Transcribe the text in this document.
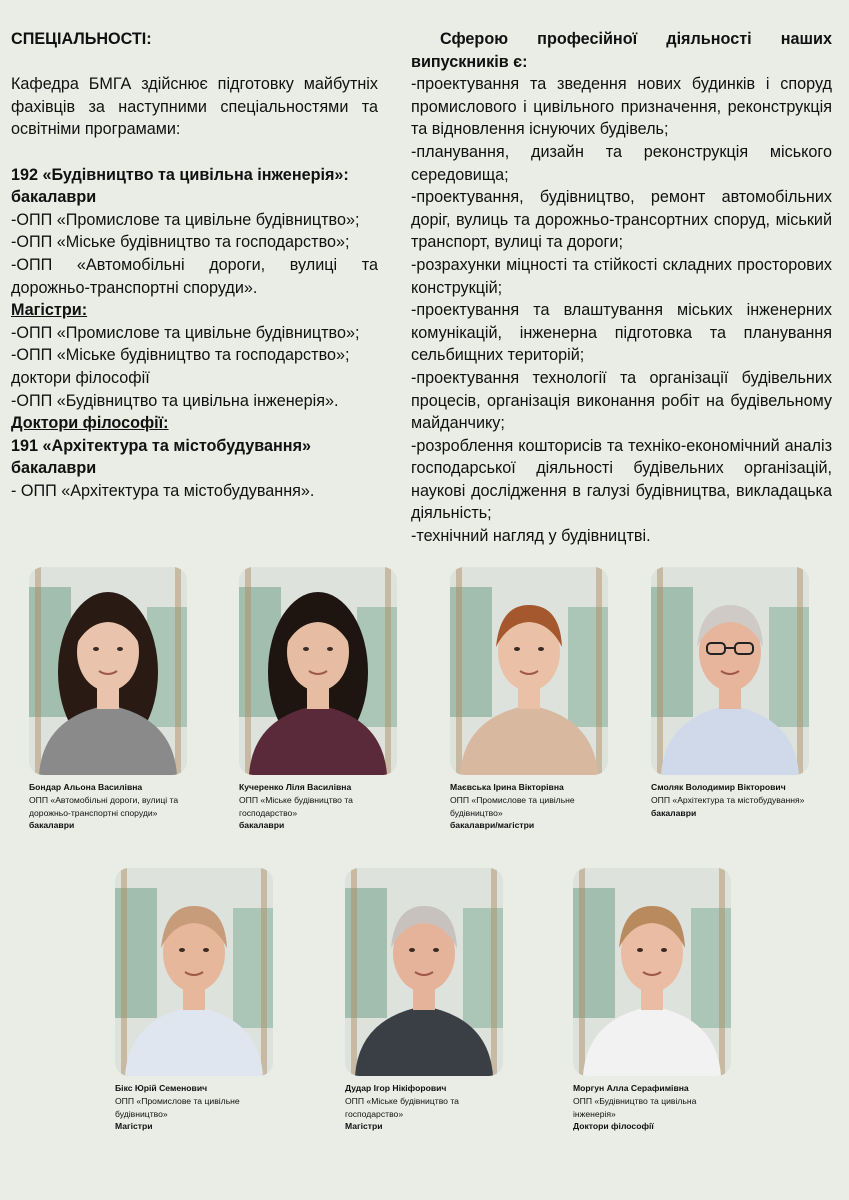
СПЕЦІАЛЬНОСТІ:

Кафедра БМГА здійснює підготовку майбутніх фахівців за наступними спеціальностями та освітніми програмами:

192 «Будівництво та цивільна інженерія»:

бакалаври

-ОПП «Промислове та цивільне будівництво»;

-ОПП «Міське будівництво та господарство»;

-ОПП «Автомобільні дороги, вулиці та дорожньо-транспортні споруди».

Магістри:

-ОПП «Промислове та цивільне будівництво»;

-ОПП «Міське будівництво та господарство»;

доктори філософії

-ОПП «Будівництво та цивільна інженерія».

Доктори філософії:

191 «Архітектура та містобудування»

бакалаври

- ОПП «Архітектура та містобудування».

Сферою професійної діяльності наших випускників є:

-проектування та зведення нових будинків і споруд промислового і цивільного призначення, реконструкція та відновлення існуючих будівель;

-планування, дизайн та реконструкція міського середовища;

-проектування, будівництво, ремонт автомобільних доріг, вулиць та дорожньо-трансортних споруд, міський транспорт, вулиці та дороги;

-розрахунки міцності та стійкості складних просторових конструкцій;

-проектування та влаштування міських інженерних комунікацій, інженерна підготовка та планування сельбищних територій;

-проектування технології та організації будівельних процесів, організація виконання робіт на будівельному майданчику;

-розроблення кошторисів та техніко-економічний аналіз господарської діяльності будівельних організацій, наукові дослідження в галузі будівництва, викладацька діяльність;

-технічний нагляд у будівництві.

Бондар Альона Василівна
ОПП «Автомобільні дороги, вулиці та дорожньо-транспортні споруди»
бакалаври
Кучеренко Ліля Василівна
ОПП «Міське будівництво та господарство»
бакалаври
Маєвська Ірина Вікторівна
ОПП «Промислове та цивільне будівництво»
бакалаври/магістри
Смоляк Володимир Вікторович
ОПП «Архітектура та містобудування»
бакалаври
Бікс Юрій Семенович
ОПП «Промислове та цивільне будівництво»
Магістри
Дудар Ігор Нікіфорович
ОПП «Міське будівництво та господарство»
Магістри
Моргун Алла Серафимівна
ОПП «Будівництво та цивільна інженерія»
Доктори філософії
